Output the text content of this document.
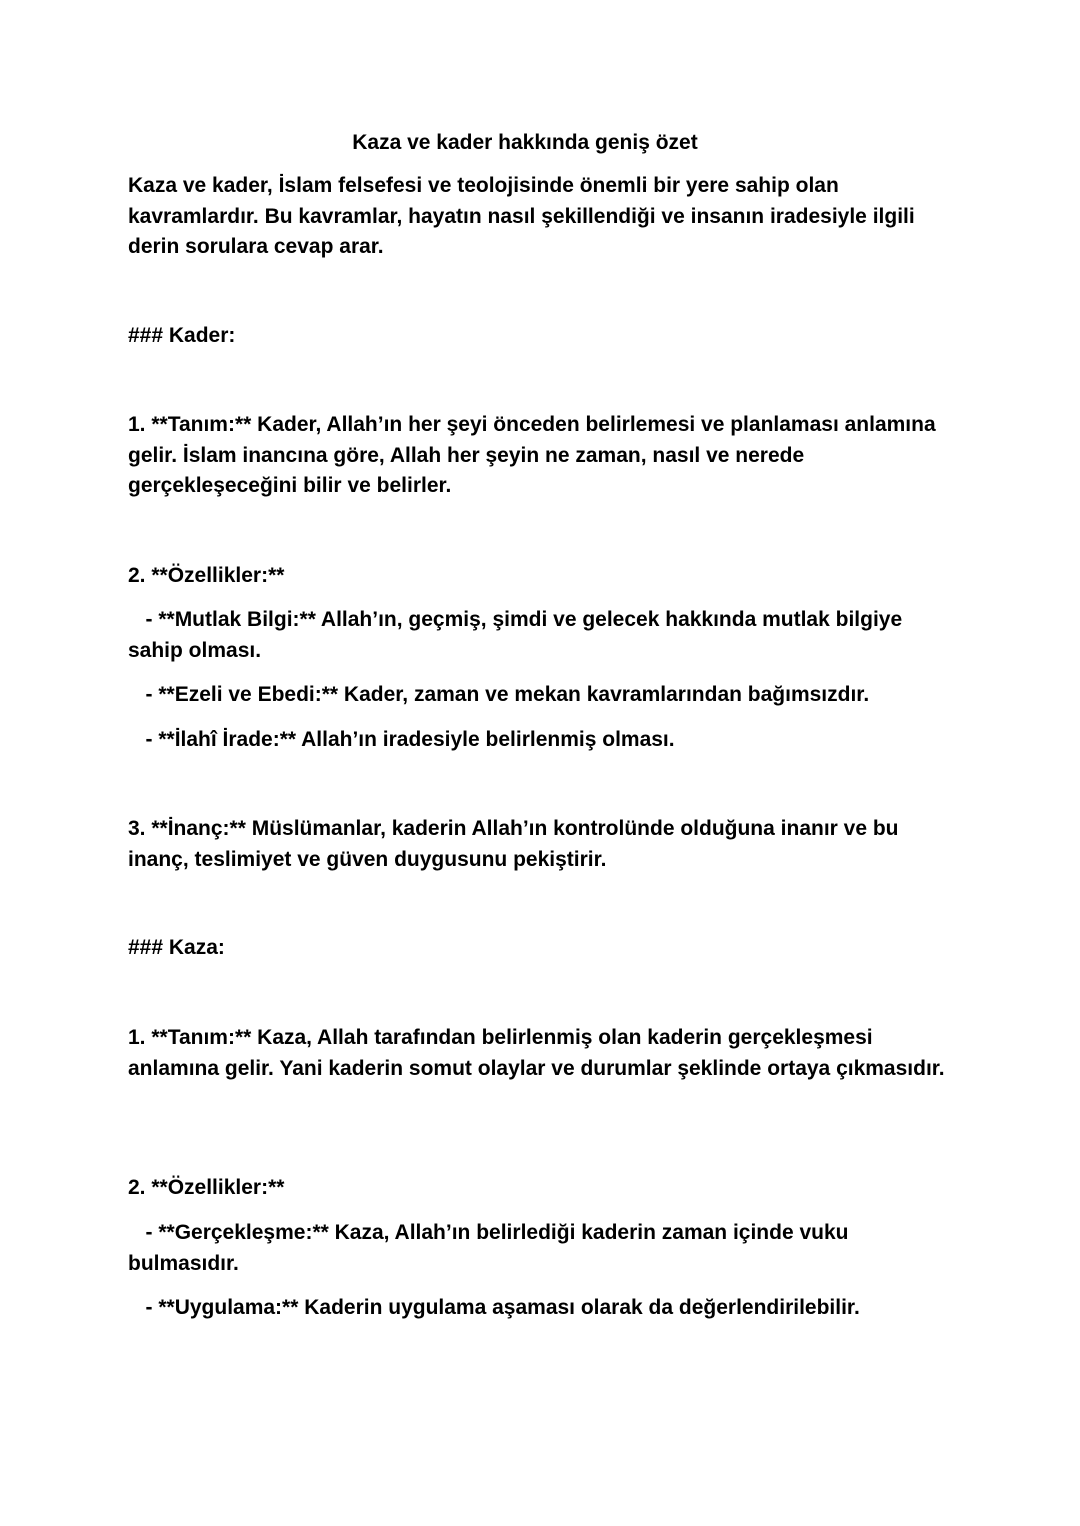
Kaza ve kader hakkında geniş özet
Kaza ve kader, İslam felsefesi ve teolojisinde önemli bir yere sahip olan kavramlardır. Bu kavramlar, hayatın nasıl şekillendiği ve insanın iradesiyle ilgili derin sorulara cevap arar.
### Kader:
1. **Tanım:** Kader, Allah’ın her şeyi önceden belirlemesi ve planlaması anlamına gelir. İslam inancına göre, Allah her şeyin ne zaman, nasıl ve nerede gerçekleşeceğini bilir ve belirler.
2. **Özellikler:**
- **Mutlak Bilgi:** Allah’ın, geçmiş, şimdi ve gelecek hakkında mutlak bilgiye sahip olması.
- **Ezeli ve Ebedi:** Kader, zaman ve mekan kavramlarından bağımsızdır.
- **İlahî İrade:** Allah’ın iradesiyle belirlenmiş olması.
3. **İnanç:** Müslümanlar, kaderin Allah’ın kontrolünde olduğuna inanır ve bu inanç, teslimiyet ve güven duygusunu pekiştirir.
### Kaza:
1. **Tanım:** Kaza, Allah tarafından belirlenmiş olan kaderin gerçekleşmesi anlamına gelir. Yani kaderin somut olaylar ve durumlar şeklinde ortaya çıkmasıdır.
2. **Özellikler:**
- **Gerçekleşme:** Kaza, Allah’ın belirlediği kaderin zaman içinde vuku bulmasıdır.
- **Uygulama:** Kaderin uygulama aşaması olarak da değerlendirilebilir.
